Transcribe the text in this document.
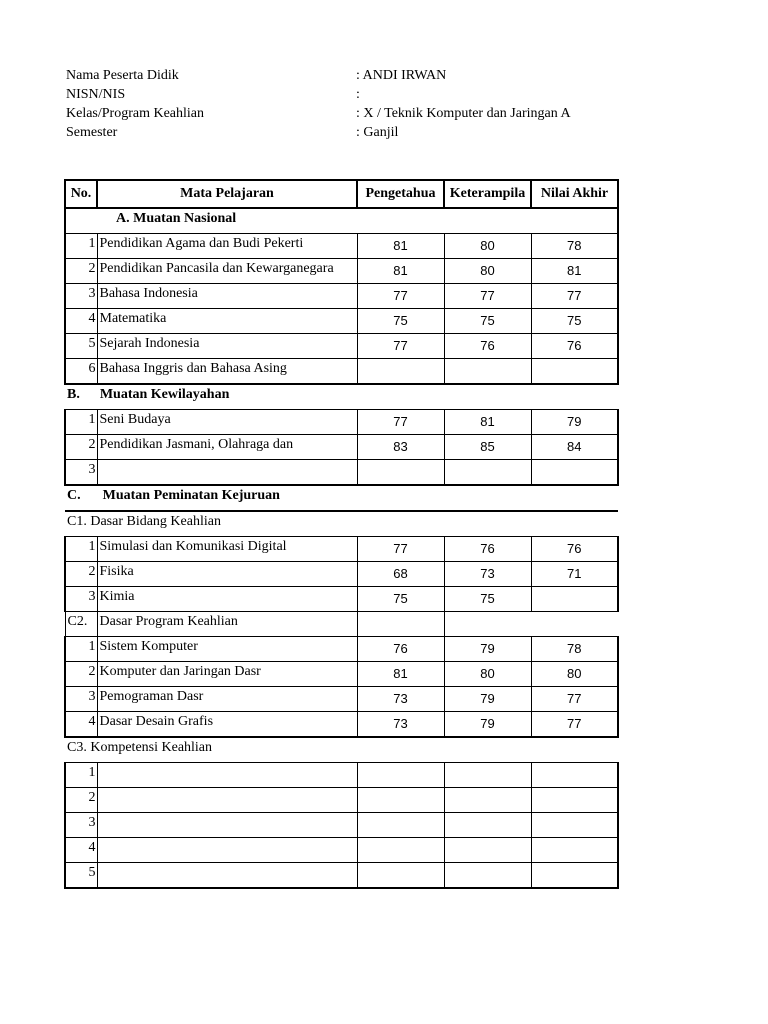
Nama Peserta Didik	: ANDI IRWAN
NISN/NIS	:
Kelas/Program Keahlian	: X / Teknik Komputer dan Jaringan A
Semester	: Ganjil
No.	Mata Pelajaran	Pengetahua	Keterampila	Nilai Akhir
A. Muatan Nasional				
1	Pendidikan Agama dan Budi Pekerti	81	80	78
2	Pendidikan Pancasila dan Kewarganegara	81	80	81
3	Bahasa Indonesia	77	77	77
4	Matematika	75	75	75
5	Sejarah Indonesia	77	76	76
6	Bahasa Inggris dan Bahasa Asing			
B. Muatan Kewilayahan				
1	Seni Budaya	77	81	79
2	Pendidikan Jasmani, Olahraga dan	83	85	84
3				
C. Muatan Peminatan Kejuruan				
C1. Dasar Bidang Keahlian				
1	Simulasi dan Komunikasi Digital	77	76	76
2	Fisika	68	73	71
3	Kimia	75	75	
C2.	Dasar Program Keahlian			
1	Sistem Komputer	76	79	78
2	Komputer dan Jaringan Dasr	81	80	80
3	Pemograman Dasr	73	79	77
4	Dasar Desain Grafis	73	79	77
C3. Kompetensi Keahlian				
1				
2				
3				
4				
5				
